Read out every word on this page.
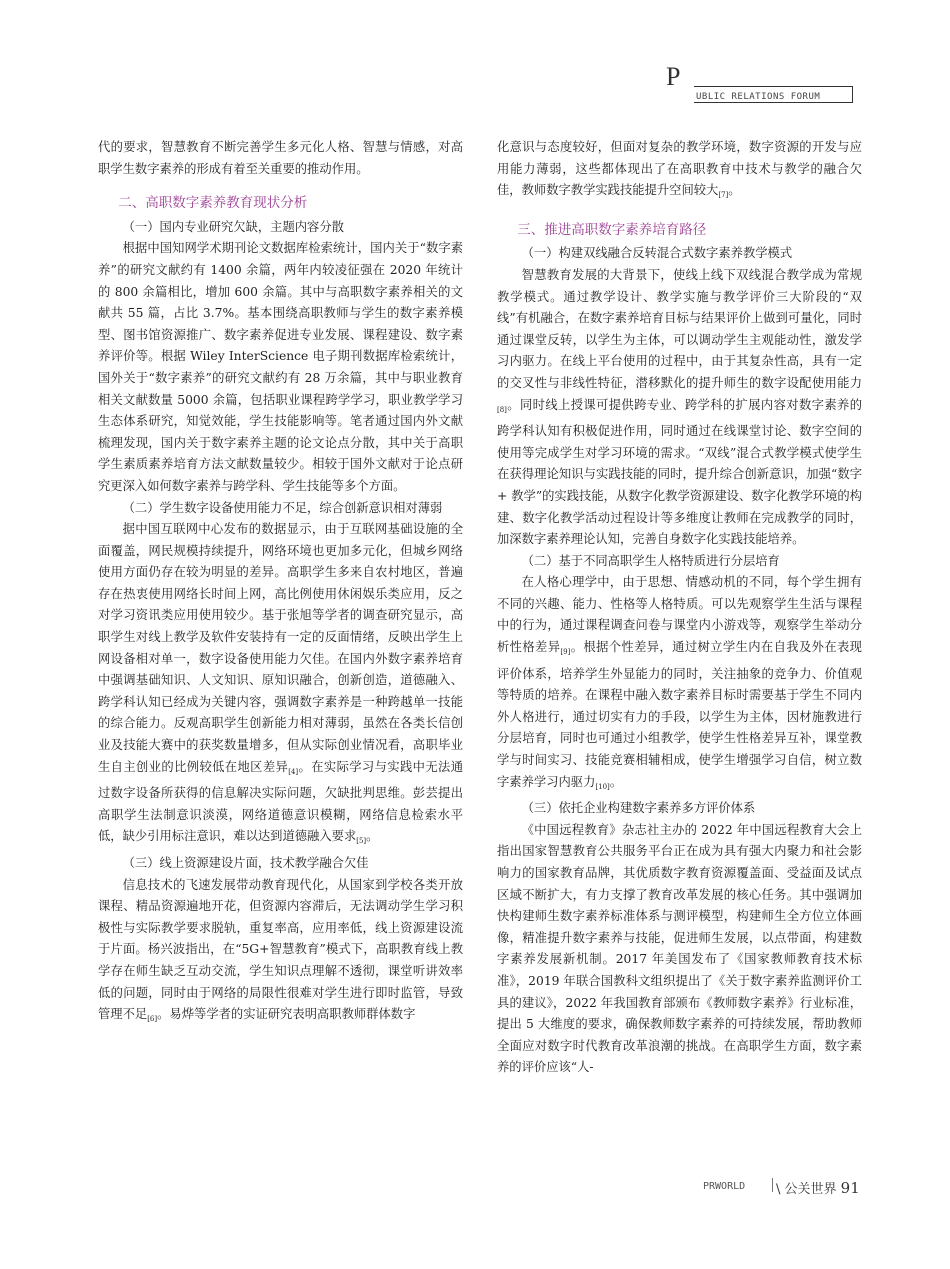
P
UBLIC RELATIONS FORUM

代的要求，智慧教育不断完善学生多元化人格、智慧与情感，对高职学生数字素养的形成有着至关重要的推动作用。

二、高职数字素养教育现状分析

（一）国内专业研究欠缺，主题内容分散

根据中国知网学术期刊论文数据库检索统计，国内关于“数字素养”的研究文献约有 1400 余篇，两年内较凌征强在 2020 年统计的 800 余篇相比，增加 600 余篇。其中与高职数字素养相关的文献共 55 篇，占比 3.7%。基本围绕高职教师与学生的数字素养模型、图书馆资源推广、数字素养促进专业发展、课程建设、数字素养评价等。根据 Wiley InterScience 电子期刊数据库检索统计，国外关于“数字素养”的研究文献约有 28 万余篇，其中与职业教育相关文献数量 5000 余篇，包括职业课程跨学学习，职业教学学习生态体系研究，知觉效能，学生技能影响等。笔者通过国内外文献梳理发现，国内关于数字素养主题的论文论点分散，其中关于高职学生素质素养培育方法文献数量较少。相较于国外文献对于论点研究更深入如何数字素养与跨学科、学生技能等多个方面。

（二）学生数字设备使用能力不足，综合创新意识相对薄弱

据中国互联网中心发布的数据显示，由于互联网基础设施的全面覆盖，网民规模持续提升，网络环境也更加多元化，但城乡网络使用方面仍存在较为明显的差异。高职学生多来自农村地区，普遍存在热衷使用网络长时间上网，高比例使用休闲娱乐类应用，反之对学习资讯类应用使用较少。基于张旭等学者的调查研究显示，高职学生对线上教学及软件安装持有一定的反面情绪，反映出学生上网设备相对单一，数字设备使用能力欠佳。在国内外数字素养培育中强调基础知识、人文知识、原知识融合，创新创造，道德融入、跨学科认知已经成为关键内容，强调数字素养是一种跨越单一技能的综合能力。反观高职学生创新能力相对薄弱，虽然在各类长信创业及技能大赛中的获奖数量增多，但从实际创业情况看，高职毕业生自主创业的比例较低在地区差异[4]。在实际学习与实践中无法通过数字设备所获得的信息解决实际问题，欠缺批判思维。彭芸提出高职学生法制意识淡漠，网络道德意识模糊，网络信息检索水平低，缺少引用标注意识，难以达到道德融入要求[5]。

（三）线上资源建设片面，技术教学融合欠佳

信息技术的飞速发展带动教育现代化，从国家到学校各类开放课程、精品资源遍地开花，但资源内容滞后，无法调动学生学习积极性与实际教学要求脱轨，重复率高，应用率低，线上资源建设流于片面。杨兴波指出，在“5G+智慧教育”模式下，高职教育线上教学存在师生缺乏互动交流，学生知识点理解不透彻，课堂听讲效率低的问题，同时由于网络的局限性很难对学生进行即时监管，导致管理不足[6]。易烨等学者的实证研究表明高职教师群体数字

化意识与态度较好，但面对复杂的教学环境，数字资源的开发与应用能力薄弱，这些都体现出了在高职教育中技术与教学的融合欠佳，教师数字教学实践技能提升空间较大[7]。

三、推进高职数字素养培育路径

（一）构建双线融合反转混合式数字素养教学模式

智慧教育发展的大背景下，使线上线下双线混合教学成为常规教学模式。通过教学设计、教学实施与教学评价三大阶段的“双线”有机融合，在数字素养培育目标与结果评价上做到可量化，同时通过课堂反转，以学生为主体，可以调动学生主观能动性，激发学习内驱力。在线上平台使用的过程中，由于其复杂性高，具有一定的交叉性与非线性特征，潜移默化的提升师生的数字设配使用能力[8]。同时线上授课可提供跨专业、跨学科的扩展内容对数字素养的跨学科认知有积极促进作用，同时通过在线课堂讨论、数字空间的使用等完成学生对学习环境的需求。“双线”混合式教学模式使学生在获得理论知识与实践技能的同时，提升综合创新意识，加强“数字 + 教学”的实践技能，从数字化教学资源建设、数字化教学环境的构建、数字化教学活动过程设计等多维度让教师在完成教学的同时，加深数字素养理论认知，完善自身数字化实践技能培养。

（二）基于不同高职学生人格特质进行分层培育

在人格心理学中，由于思想、情感动机的不同，每个学生拥有不同的兴趣、能力、性格等人格特质。可以先观察学生生活与课程中的行为，通过课程调查问卷与课堂内小游戏等，观察学生举动分析性格差异[9]。根据个性差异，通过树立学生内在自我及外在表现评价体系，培养学生外显能力的同时，关注抽象的竞争力、价值观等特质的培养。在课程中融入数字素养目标时需要基于学生不同内外人格进行，通过切实有力的手段，以学生为主体，因材施教进行分层培育，同时也可通过小组教学，使学生性格差异互补，课堂教学与时间实习、技能竞赛相辅相成，使学生增强学习自信，树立数字素养学习内驱力[10]。

（三）依托企业构建数字素养多方评价体系

《中国远程教育》杂志社主办的 2022 年中国远程教育大会上指出国家智慧教育公共服务平台正在成为具有强大内聚力和社会影响力的国家教育品牌，其优质数字教育资源覆盖面、受益面及试点区域不断扩大，有力支撑了教育改革发展的核心任务。其中强调加快构建师生数字素养标准体系与测评模型，构建师生全方位立体画像，精准提升数字素养与技能，促进师生发展，以点带面，构建数字素养发展新机制。2017 年美国发布了《国家教师教育技术标准》，2019 年联合国教科文组织提出了《关于数字素养监测评价工具的建议》，2022 年我国教育部颁布《教师数字素养》行业标准，提出 5 大维度的要求，确保教师数字素养的可持续发展，帮助教师全面应对数字时代教育改革浪潮的挑战。在高职学生方面，数字素养的评价应该“人-

PRWORLD \ 公关世界 91
